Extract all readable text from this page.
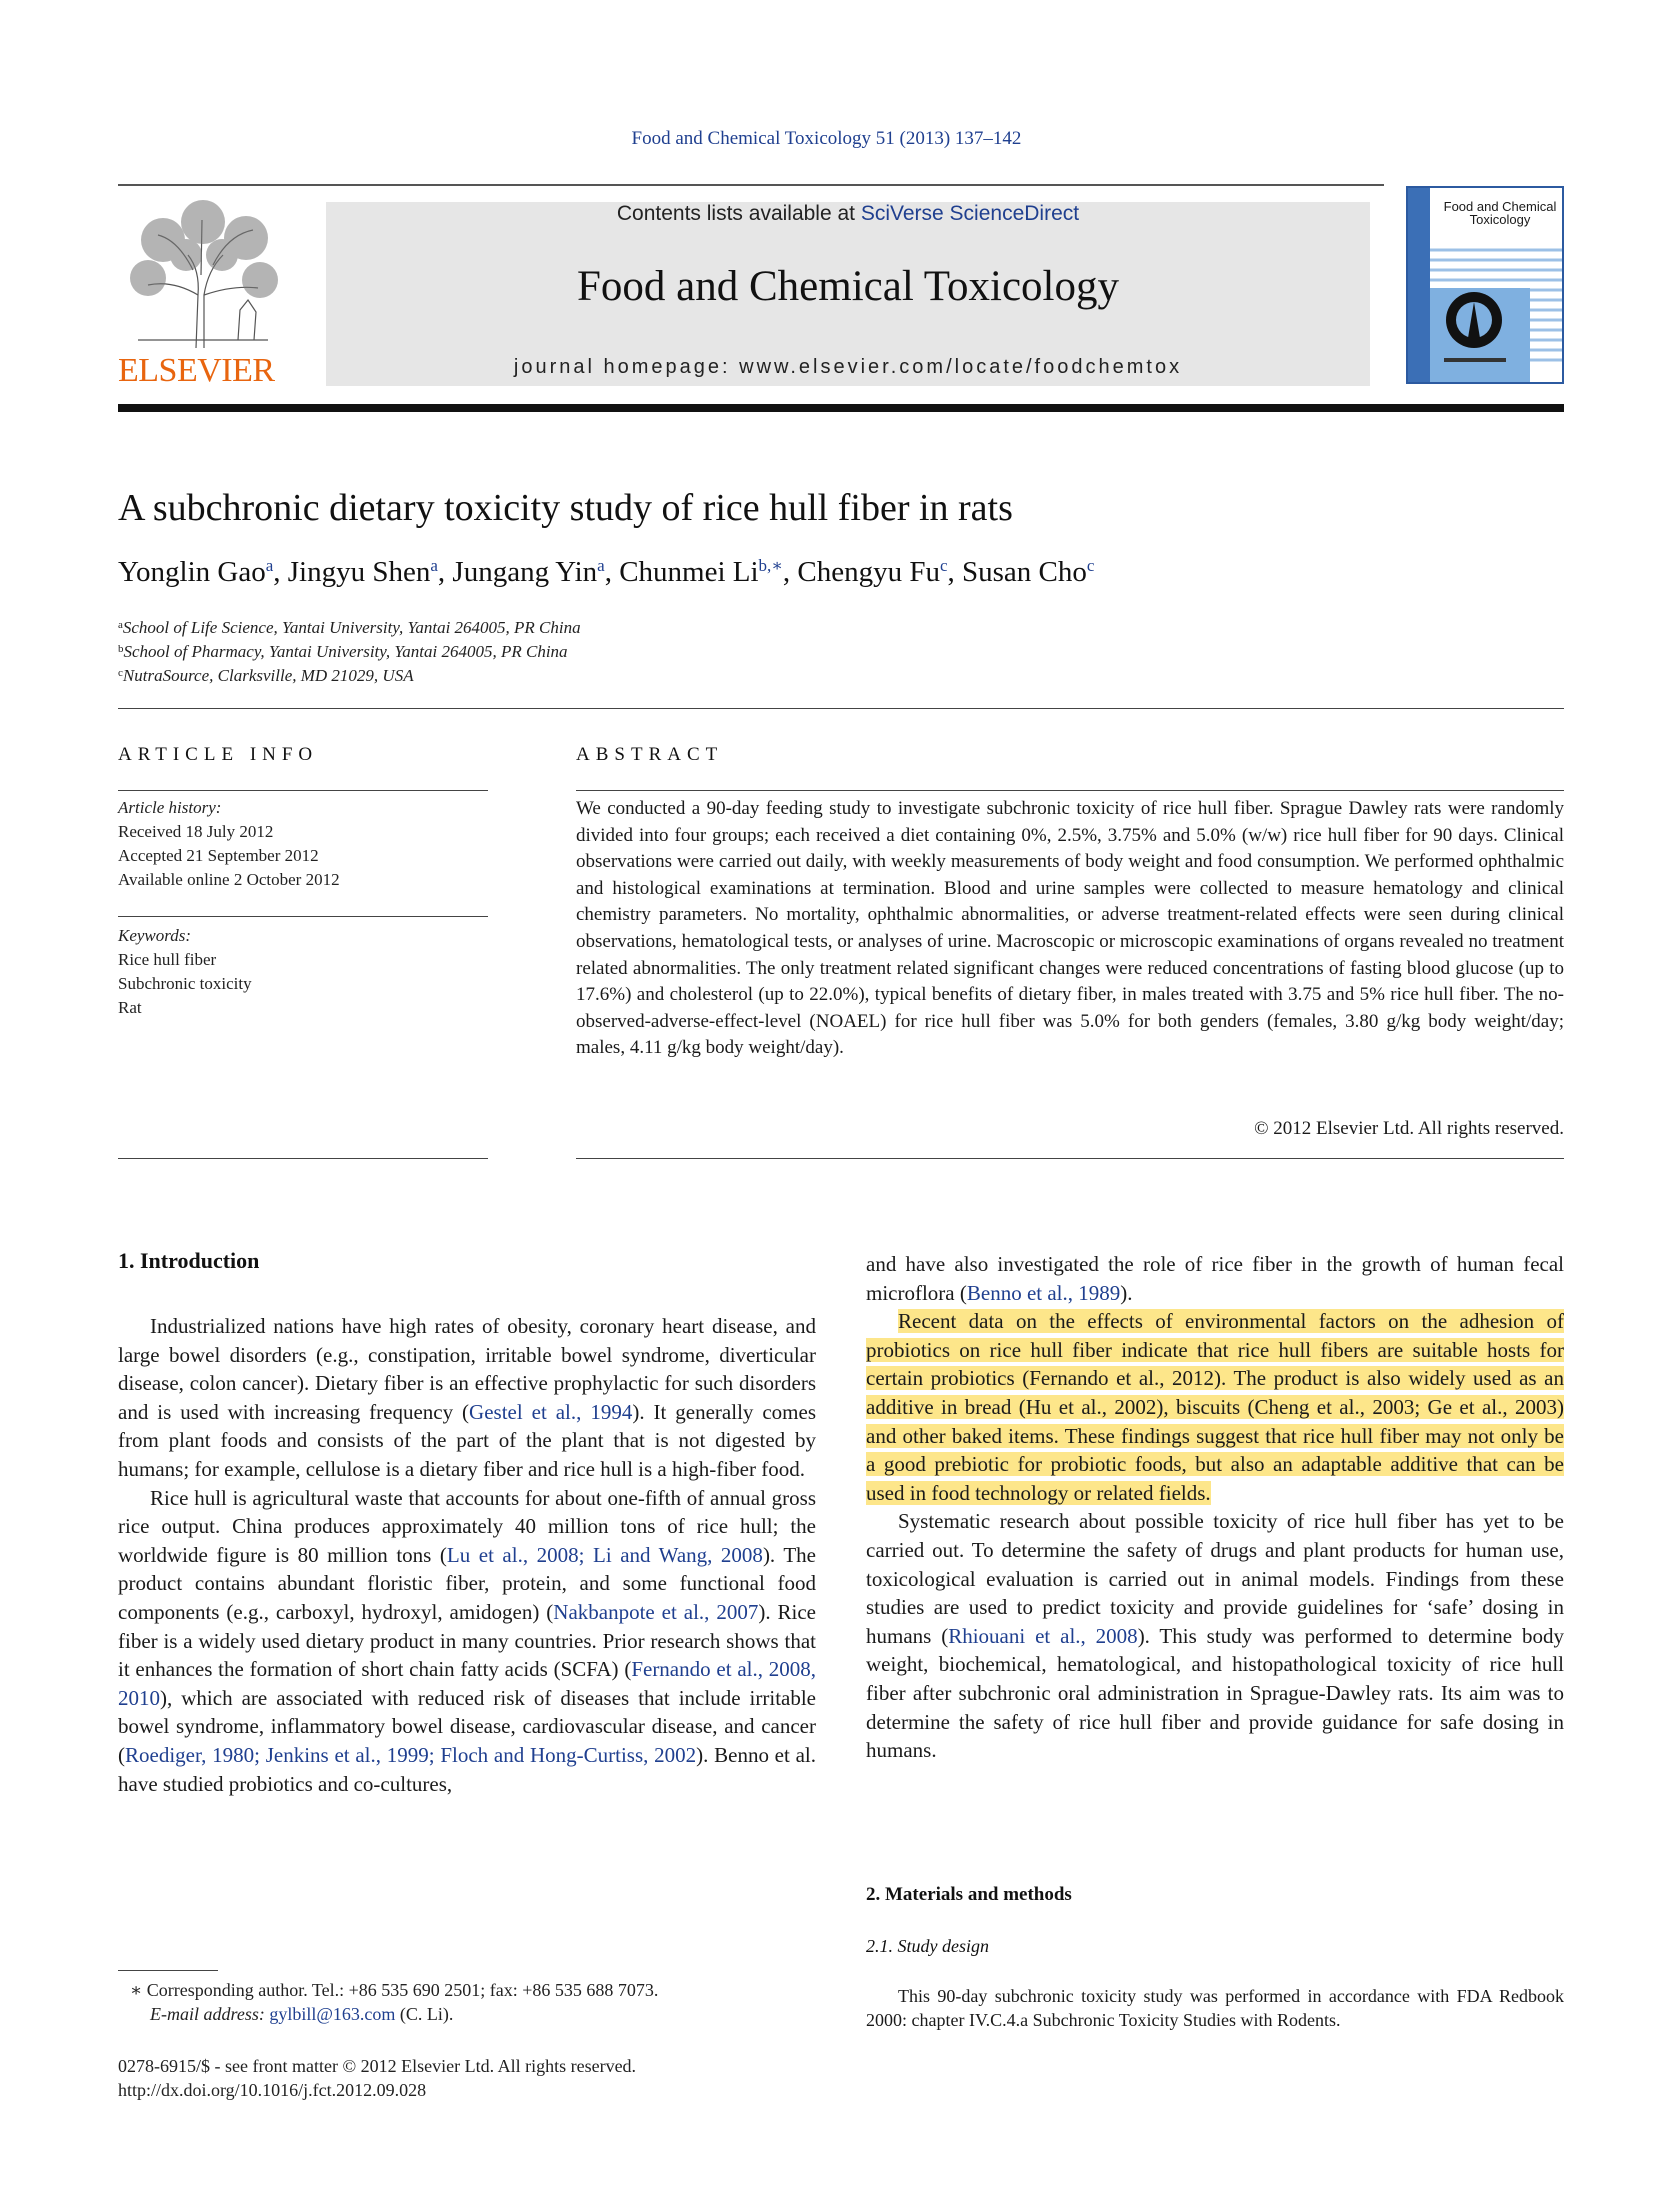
Food and Chemical Toxicology 51 (2013) 137–142
ELSEVIER
Contents lists available at SciVerse ScienceDirect
Food and Chemical Toxicology
journal homepage: www.elsevier.com/locate/foodchemtox
Food and Chemical Toxicology
A subchronic dietary toxicity study of rice hull fiber in rats
Yonglin Gao$^a$, Jingyu Shen$^a$, Jungang Yin$^a$, Chunmei $Li^{b,∗}$, Chengyu Fu$^c$, Susan Cho$^c$
$^a$School of Life Science, Yantai University, Yantai 264005, PR China
$^b$School of Pharmacy, Yantai University, Yantai 264005, PR China
$^c$NutraSource, Clarksville, MD 21029, USA
ARTICLE INFO
Article history:
Received 18 July 2012
Accepted 21 September 2012
Available online 2 October 2012
Keywords:
Rice hull fiber
Subchronic toxicity
Rat
ABSTRACT

We conducted a 90-day feeding study to investigate subchronic toxicity of rice hull fiber. Sprague Dawley rats were randomly divided into four groups; each received a diet containing 0%, 2.5%, 3.75% and 5.0% (w/w) rice hull fiber for 90 days. Clinical observations were carried out daily, with weekly measurements of body weight and food consumption. We performed ophthalmic and histological examinations at termination. Blood and urine samples were collected to measure hematology and clinical chemistry parameters. No mortality, ophthalmic abnormalities, or adverse treatment-related effects were seen during clinical observations, hematological tests, or analyses of urine. Macroscopic or microscopic examinations of organs revealed no treatment related abnormalities. The only treatment related significant changes were reduced concentrations of fasting blood glucose (up to 17.6%) and cholesterol (up to 22.0%), typical benefits of dietary fiber, in males treated with 3.75 and 5% rice hull fiber. The no-observed-adverse-effect-level (NOAEL) for rice hull fiber was 5.0% for both genders (females, 3.80 g/kg body weight/day; males, 4.11 g/kg body weight/day).

© 2012 Elsevier Ltd. All rights reserved.
1. Introduction

Industrialized nations have high rates of obesity, coronary heart disease, and large bowel disorders (e.g., constipation, irritable bowel syndrome, diverticular disease, colon cancer). Dietary fiber is an effective prophylactic for such disorders and is used with increasing frequency (Gestel et al., 1994). It generally comes from plant foods and consists of the part of the plant that is not digested by humans; for example, cellulose is a dietary fiber and rice hull is a high-fiber food.

Rice hull is agricultural waste that accounts for about one-fifth of annual gross rice output. China produces approximately 40 million tons of rice hull; the worldwide figure is 80 million tons (Lu et al., 2008; Li and Wang, 2008). The product contains abundant floristic fiber, protein, and some functional food components (e.g., carboxyl, hydroxyl, amidogen) (Nakbanpote et al., 2007). Rice fiber is a widely used dietary product in many countries. Prior research shows that it enhances the formation of short chain fatty acids (SCFA) (Fernando et al., 2008, 2010), which are associated with reduced risk of diseases that include irritable bowel syndrome, inflammatory bowel disease, cardiovascular disease, and cancer (Roediger, 1980; Jenkins et al., 1999; Floch and Hong-Curtiss, 2002). Benno et al. have studied probiotics and co-cultures,

and have also investigated the role of rice fiber in the growth of human fecal microflora (Benno et al., 1989).

Recent data on the effects of environmental factors on the adhesion of probiotics on rice hull fiber indicate that rice hull fibers are suitable hosts for certain probiotics (Fernando et al., 2012). The product is also widely used as an additive in bread (Hu et al., 2002), biscuits (Cheng et al., 2003; Ge et al., 2003) and other baked items. These findings suggest that rice hull fiber may not only be a good prebiotic for probiotic foods, but also an adaptable additive that can be used in food technology or related fields.

Systematic research about possible toxicity of rice hull fiber has yet to be carried out. To determine the safety of drugs and plant products for human use, toxicological evaluation is carried out in animal models. Findings from these studies are used to predict toxicity and provide guidelines for ‘safe’ dosing in humans (Rhiouani et al., 2008). This study was performed to determine body weight, biochemical, hematological, and histopathological toxicity of rice hull fiber after subchronic oral administration in Sprague-Dawley rats. Its aim was to determine the safety of rice hull fiber and provide guidance for safe dosing in humans.

2. Materials and methods
2.1. Study design

This 90-day subchronic toxicity study was performed in accordance with FDA Redbook 2000: chapter IV.C.4.a Subchronic Toxicity Studies with Rodents.

∗ Corresponding author. Tel.: +86 535 690 2501; fax: +86 535 688 7073.
E-mail address: gylbill@163.com (C. Li).
0278-6915/$ - see front matter © 2012 Elsevier Ltd. All rights reserved.
http://dx.doi.org/10.1016/j.fct.2012.09.028
